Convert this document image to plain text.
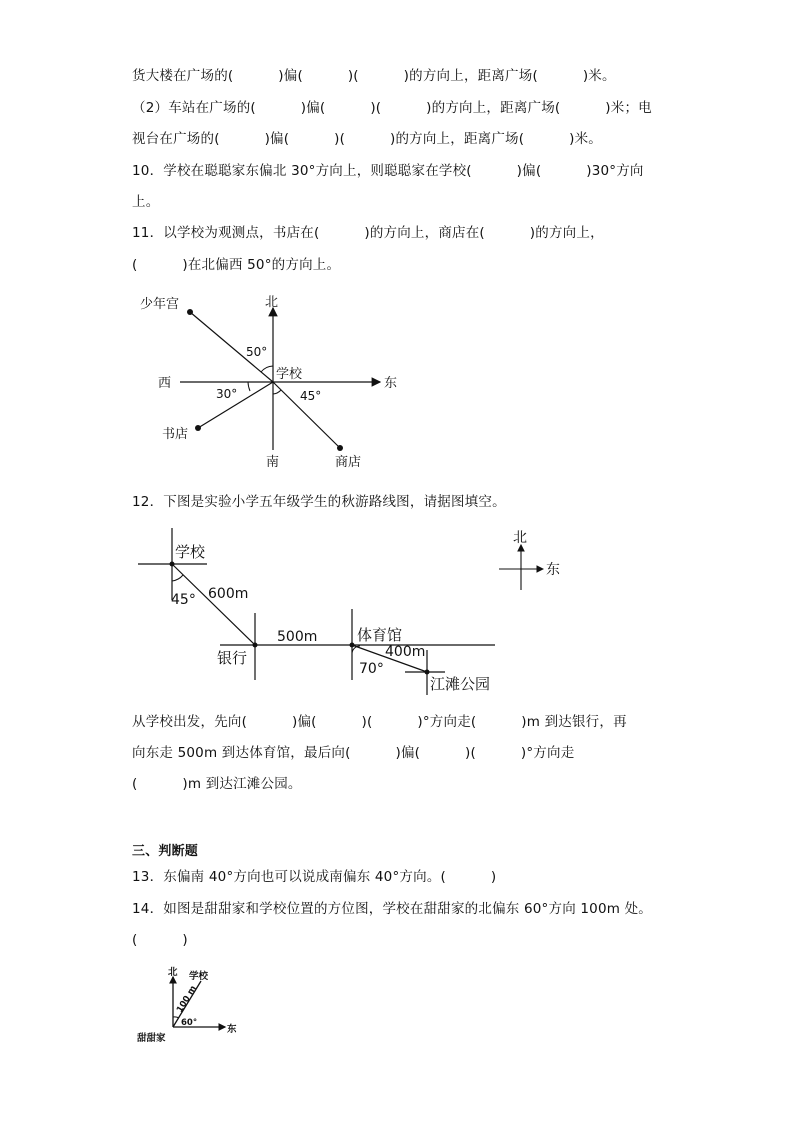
货大楼在广场的(          )偏(          )(          )的方向上，距离广场(          )米。
（2）车站在广场的(          )偏(          )(          )的方向上，距离广场(          )米；电
视台在广场的(          )偏(          )(          )的方向上，距离广场(          )米。
10．学校在聪聪家东偏北 30°方向上，则聪聪家在学校(          )偏(          )30°方向
上。
11．以学校为观测点，书店在(          )的方向上，商店在(          )的方向上，
(          )在北偏西 50°的方向上。
北
南
东
西
学校
少年宫
书店
商店
50°
30°	45°
12．下图是实验小学五年级学生的秋游路线图，请据图填空。
学校
600m
45°
银行
500m	体育馆
400m
70°
江滩公园
北
东
从学校出发，先向(          )偏(          )(          )°方向走(          )m 到达银行，再
向东走 500m 到达体育馆，最后向(          )偏(          )(          )°方向走
(          )m 到达江滩公园。
三、判断题
13．东偏南 40°方向也可以说成南偏东 40°方向。(          )
14．如图是甜甜家和学校位置的方位图，学校在甜甜家的北偏东 60°方向 100m 处。
(          )
北
东
学校
甜甜家
60°
100 m
